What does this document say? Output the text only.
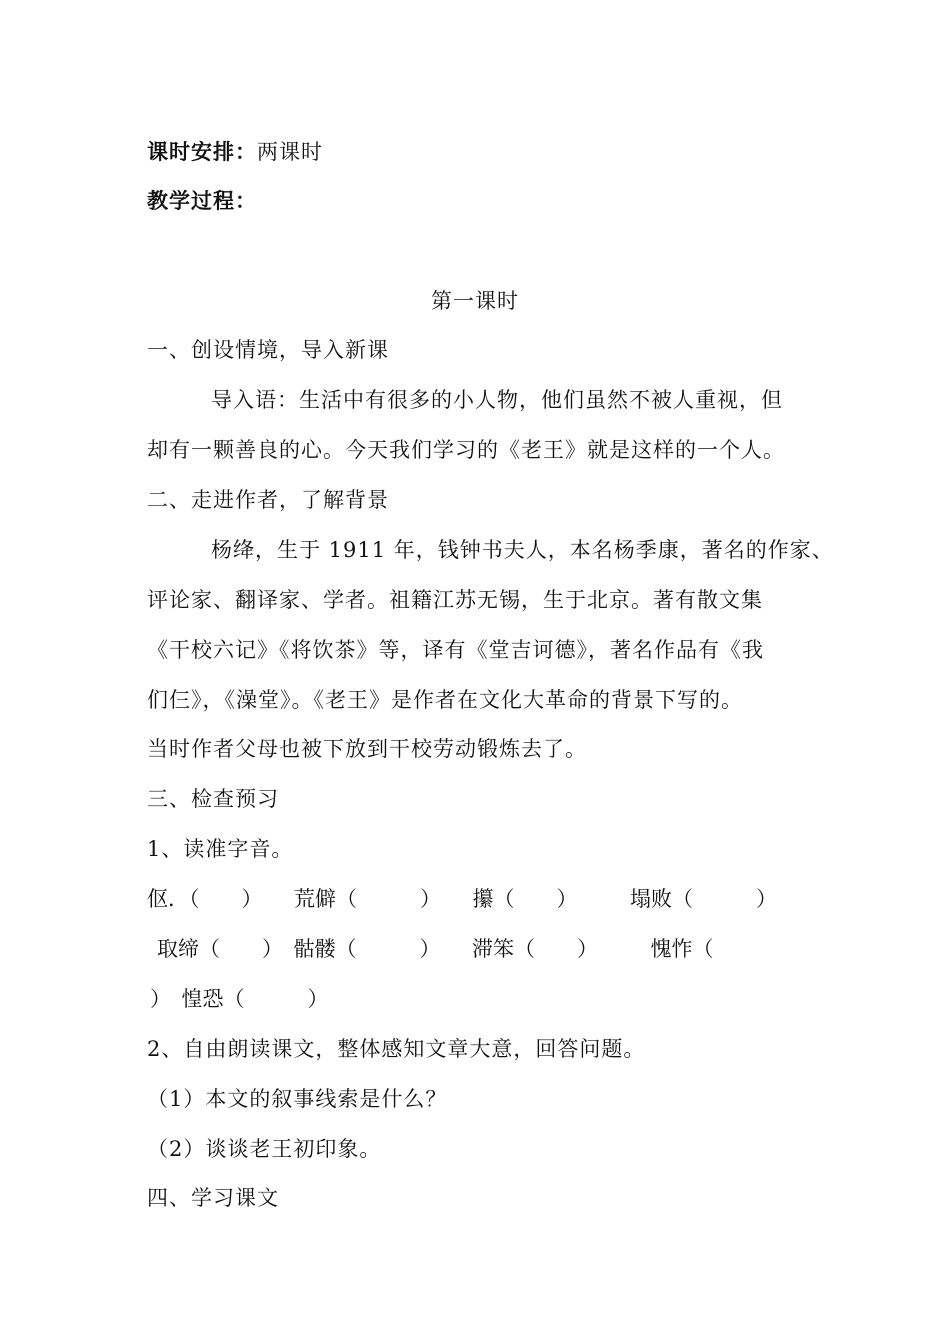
课时安排：两课时
教学过程：
第一课时
一、创设情境，导入新课
导入语：生活中有很多的小人物，他们虽然不被人重视，但
却有一颗善良的心。今天我们学习的《老王》就是这样的一个人。
二、走进作者，了解背景
杨绛，生于 1911 年，钱钟书夫人，本名杨季康，著名的作家、
评论家、翻译家、学者。祖籍江苏无锡，生于北京。著有散文集
《干校六记》《将饮茶》等，译有《堂吉诃德》，著名作品有《我
们仨》，《澡堂》。《老王》是作者在文化大革命的背景下写的。
当时作者父母也被下放到干校劳动锻炼去了。
三、检查预习
1、读准字音。
伛．（　　）　　荒僻（　　　）　　攥（　　）　　　塌败（　　　）
取缔（　　）　骷髅（　　　）　　滞笨（　　）　　　愧怍（
）　惶恐（　　　）
2、自由朗读课文，整体感知文章大意，回答问题。
（1）本文的叙事线索是什么？
（2）谈谈老王初印象。
四、学习课文
